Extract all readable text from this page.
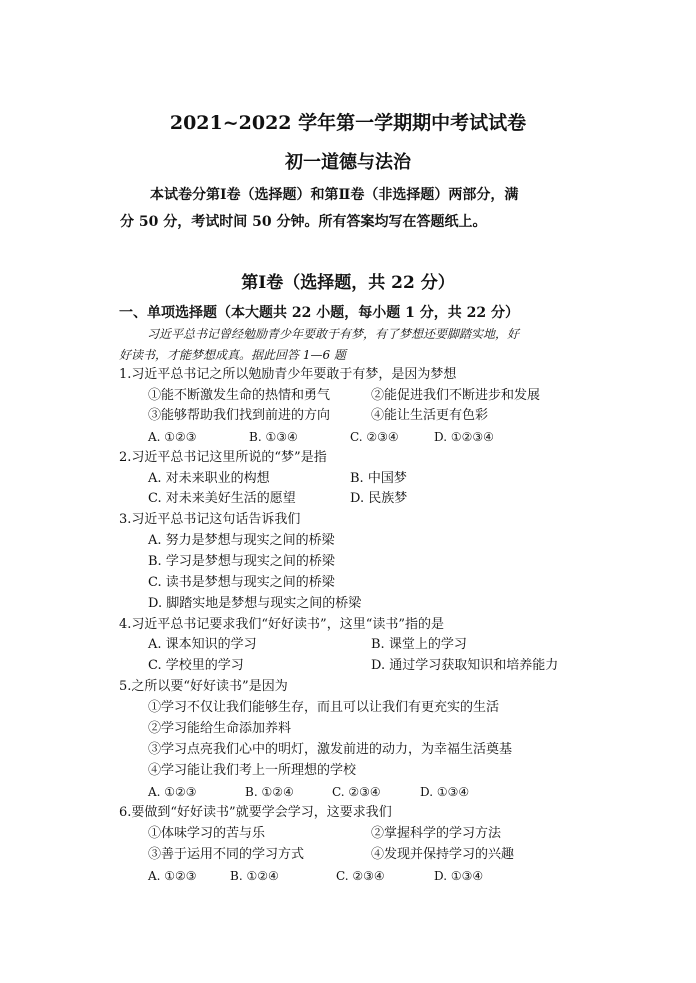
2021~2022 学年第一学期期中考试试卷
初一道德与法治
本试卷分第Ⅰ卷（选择题）和第Ⅱ卷（非选择题）两部分，满
分 50 分，考试时间 50 分钟。所有答案均写在答题纸上。
第Ⅰ卷（选择题，共 22 分）
一、单项选择题（本大题共 22 小题，每小题 1 分，共 22 分）
习近平总书记曾经勉励青少年要敢于有梦，有了梦想还要脚踏实地，好
好读书，才能梦想成真。据此回答 1—6 题
1.习近平总书记之所以勉励青少年要敢于有梦，是因为梦想
①能不断激发生命的热情和勇气	②能促进我们不断进步和发展
③能够帮助我们找到前进的方向	④能让生活更有色彩
A. ①②③	B. ①③④	C. ②③④	D. ①②③④
2.习近平总书记这里所说的“梦”是指
A. 对未来职业的构想	B. 中国梦
C. 对未来美好生活的愿望	D. 民族梦
3.习近平总书记这句话告诉我们
A. 努力是梦想与现实之间的桥梁
B. 学习是梦想与现实之间的桥梁
C. 读书是梦想与现实之间的桥梁
D. 脚踏实地是梦想与现实之间的桥梁
4.习近平总书记要求我们“好好读书”，这里“读书”指的是
A. 课本知识的学习	B. 课堂上的学习
C. 学校里的学习	D. 通过学习获取知识和培养能力
5.之所以要“好好读书”是因为
①学习不仅让我们能够生存，而且可以让我们有更充实的生活
②学习能给生命添加养料
③学习点亮我们心中的明灯，激发前进的动力，为幸福生活奠基
④学习能让我们考上一所理想的学校
A. ①②③	B. ①②④	C. ②③④	D. ①③④
6.要做到“好好读书”就要学会学习，这要求我们
①体味学习的苦与乐	②掌握科学的学习方法
③善于运用不同的学习方式	④发现并保持学习的兴趣
A. ①②③	B. ①②④	C. ②③④	D. ①③④
